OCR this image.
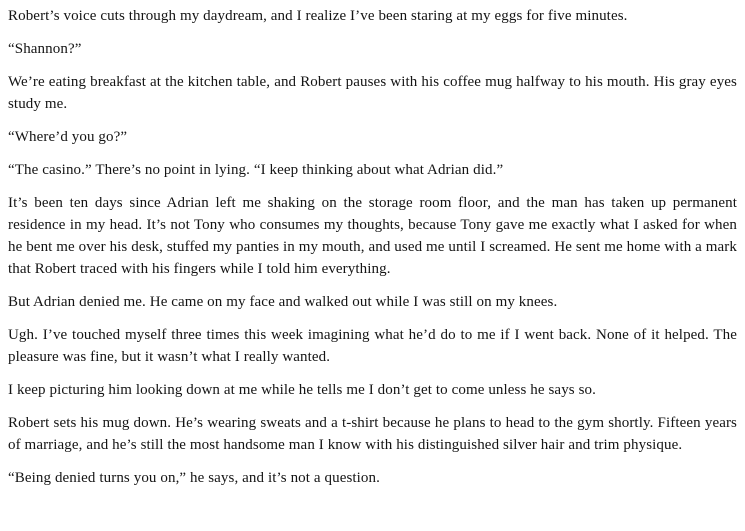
Robert’s voice cuts through my daydream, and I realize I’ve been staring at my eggs for five minutes.

“Shannon?”

We’re eating breakfast at the kitchen table, and Robert pauses with his coffee mug halfway to his mouth. His gray eyes study me.

“Where’d you go?”

“The casino.” There’s no point in lying. “I keep thinking about what Adrian did.”

It’s been ten days since Adrian left me shaking on the storage room floor, and the man has taken up permanent residence in my head. It’s not Tony who consumes my thoughts, because Tony gave me exactly what I asked for when he bent me over his desk, stuffed my panties in my mouth, and used me until I screamed. He sent me home with a mark that Robert traced with his fingers while I told him everything.

But Adrian denied me. He came on my face and walked out while I was still on my knees.

Ugh. I’ve touched myself three times this week imagining what he’d do to me if I went back. None of it helped. The pleasure was fine, but it wasn’t what I really wanted.

I keep picturing him looking down at me while he tells me I don’t get to come unless he says so.

Robert sets his mug down. He’s wearing sweats and a t-shirt because he plans to head to the gym shortly. Fifteen years of marriage, and he’s still the most handsome man I know with his distinguished silver hair and trim physique.

“Being denied turns you on,” he says, and it’s not a question.
